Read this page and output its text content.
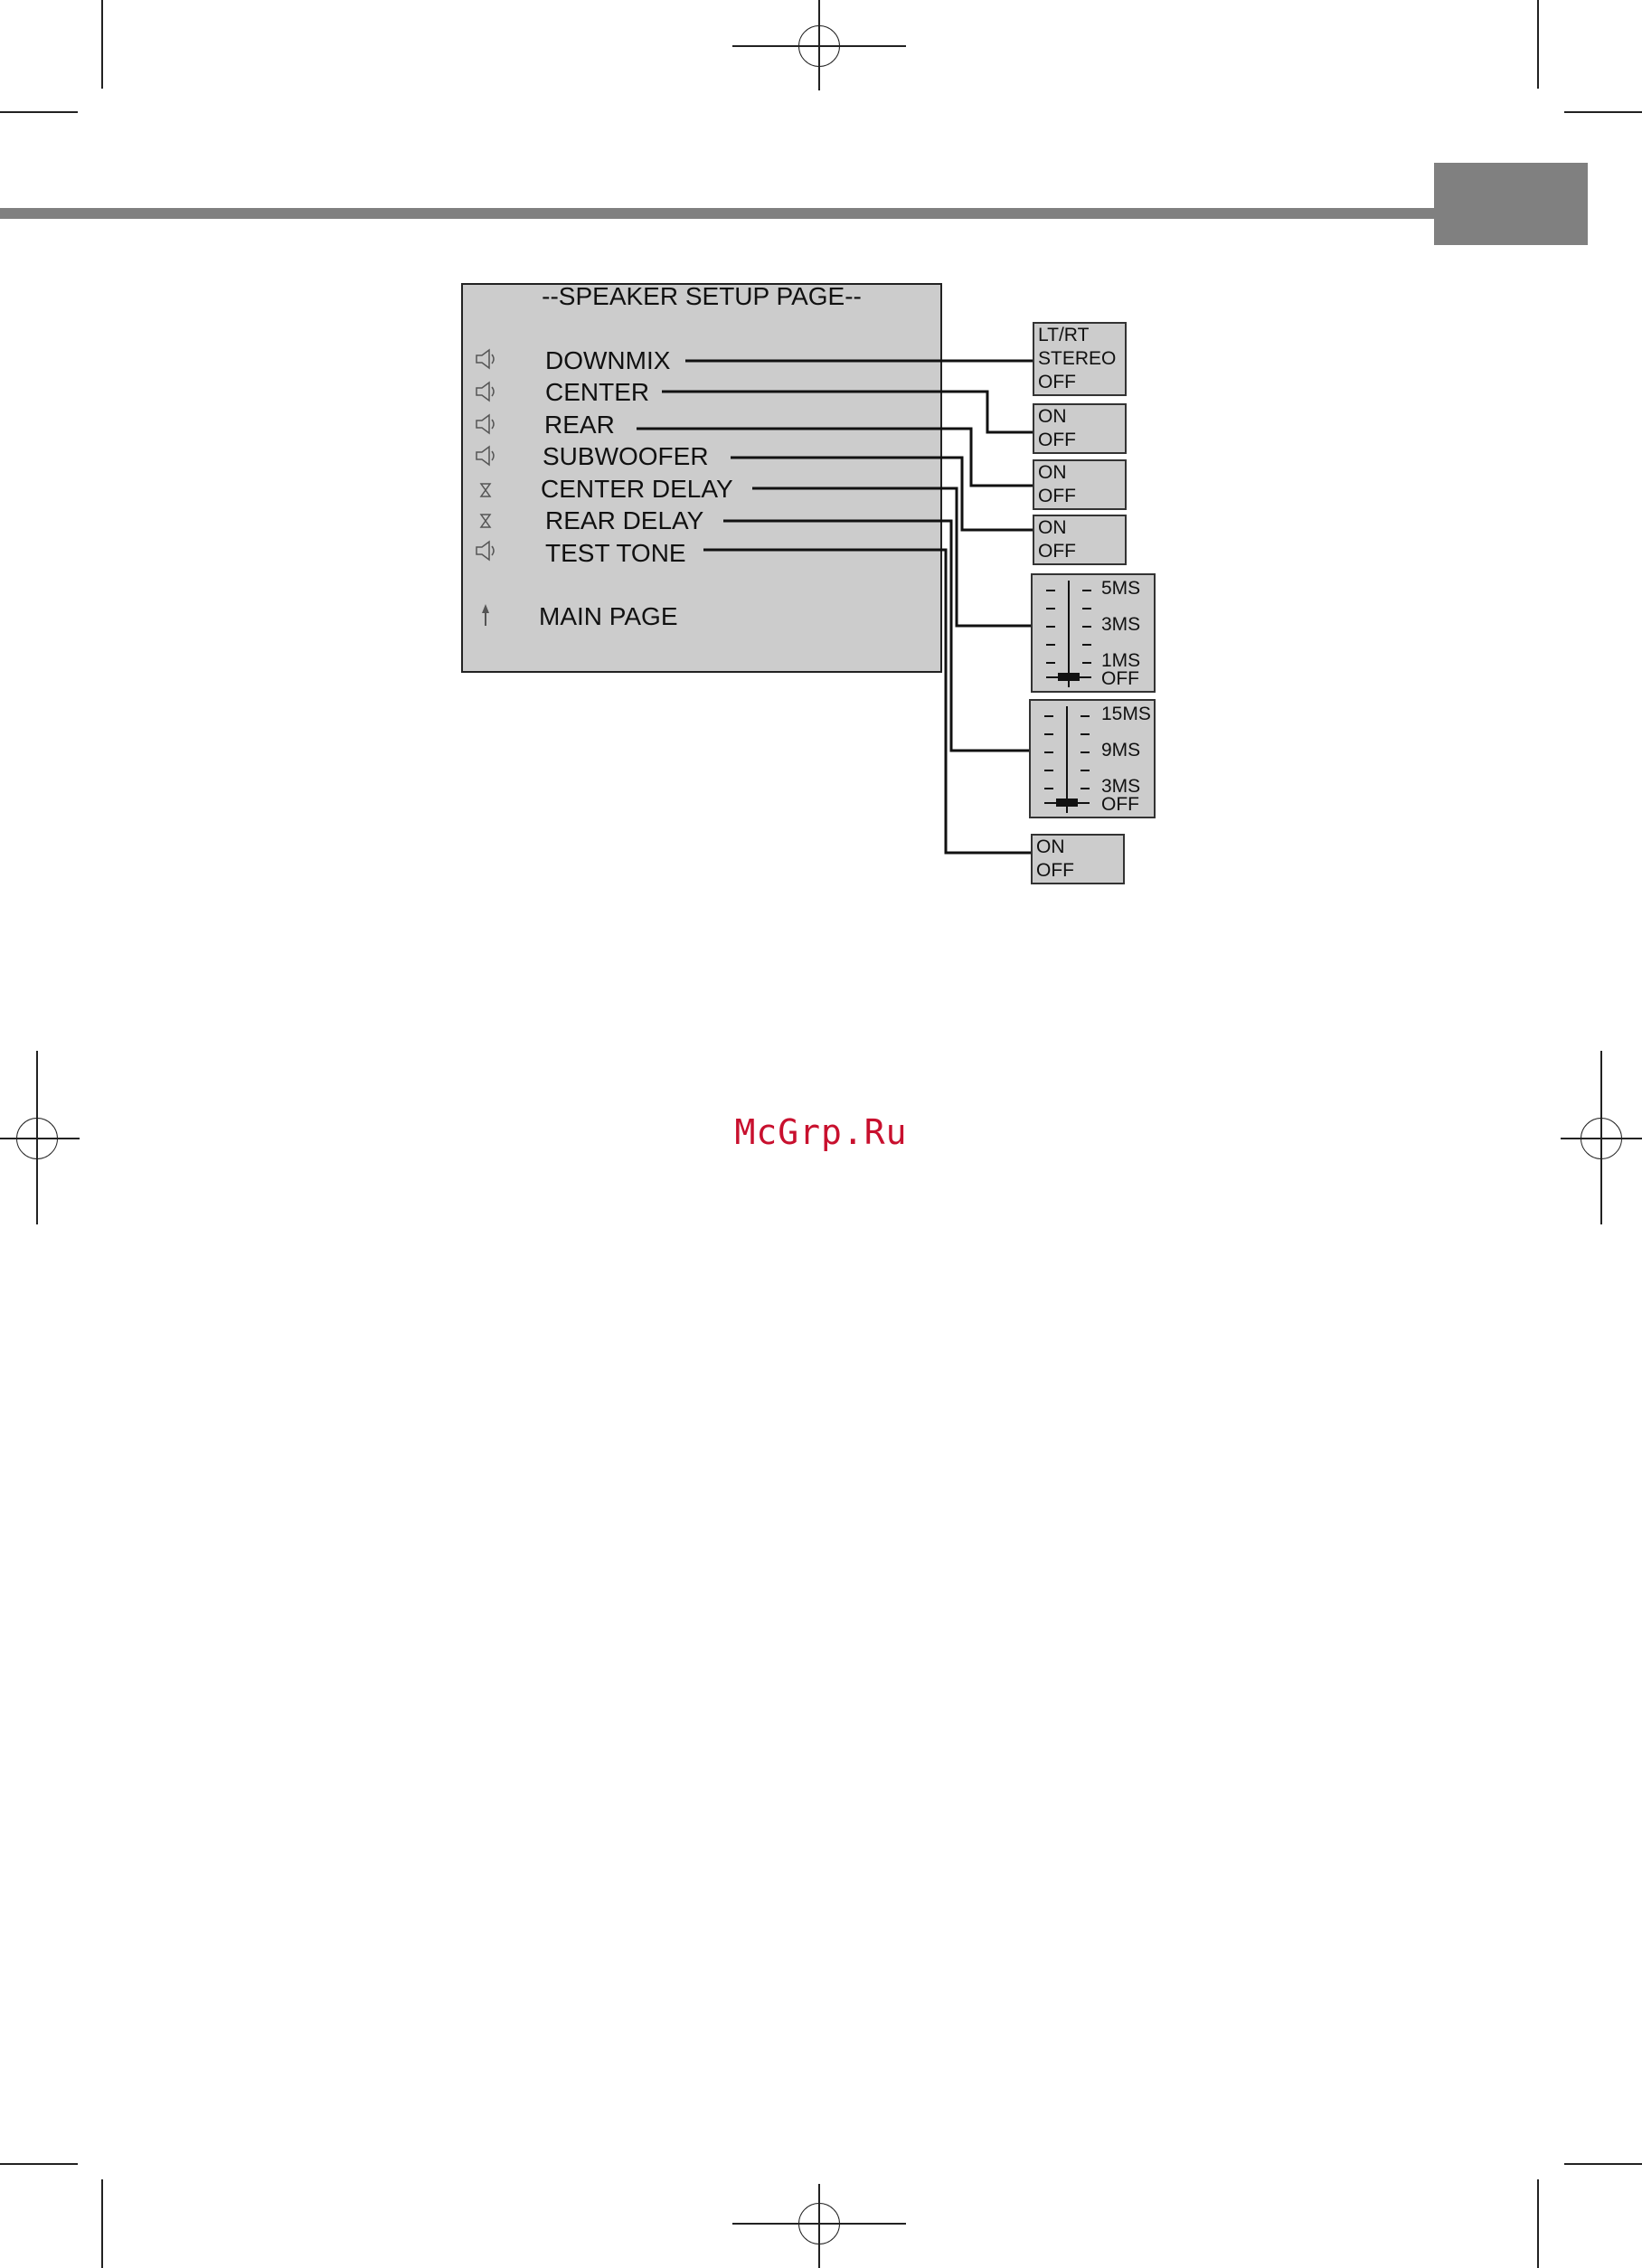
--SPEAKER SETUP PAGE--
DOWNMIX
CENTER
REAR
SUBWOOFER
CENTER DELAY
REAR DELAY
TEST TONE
MAIN PAGE
LT/RT
STEREO
OFF
ON
OFF
ON
OFF
ON
OFF
ON
OFF
5MS
3MS
1MS
OFF
15MS
9MS
3MS
OFF
McGrp.Ru
